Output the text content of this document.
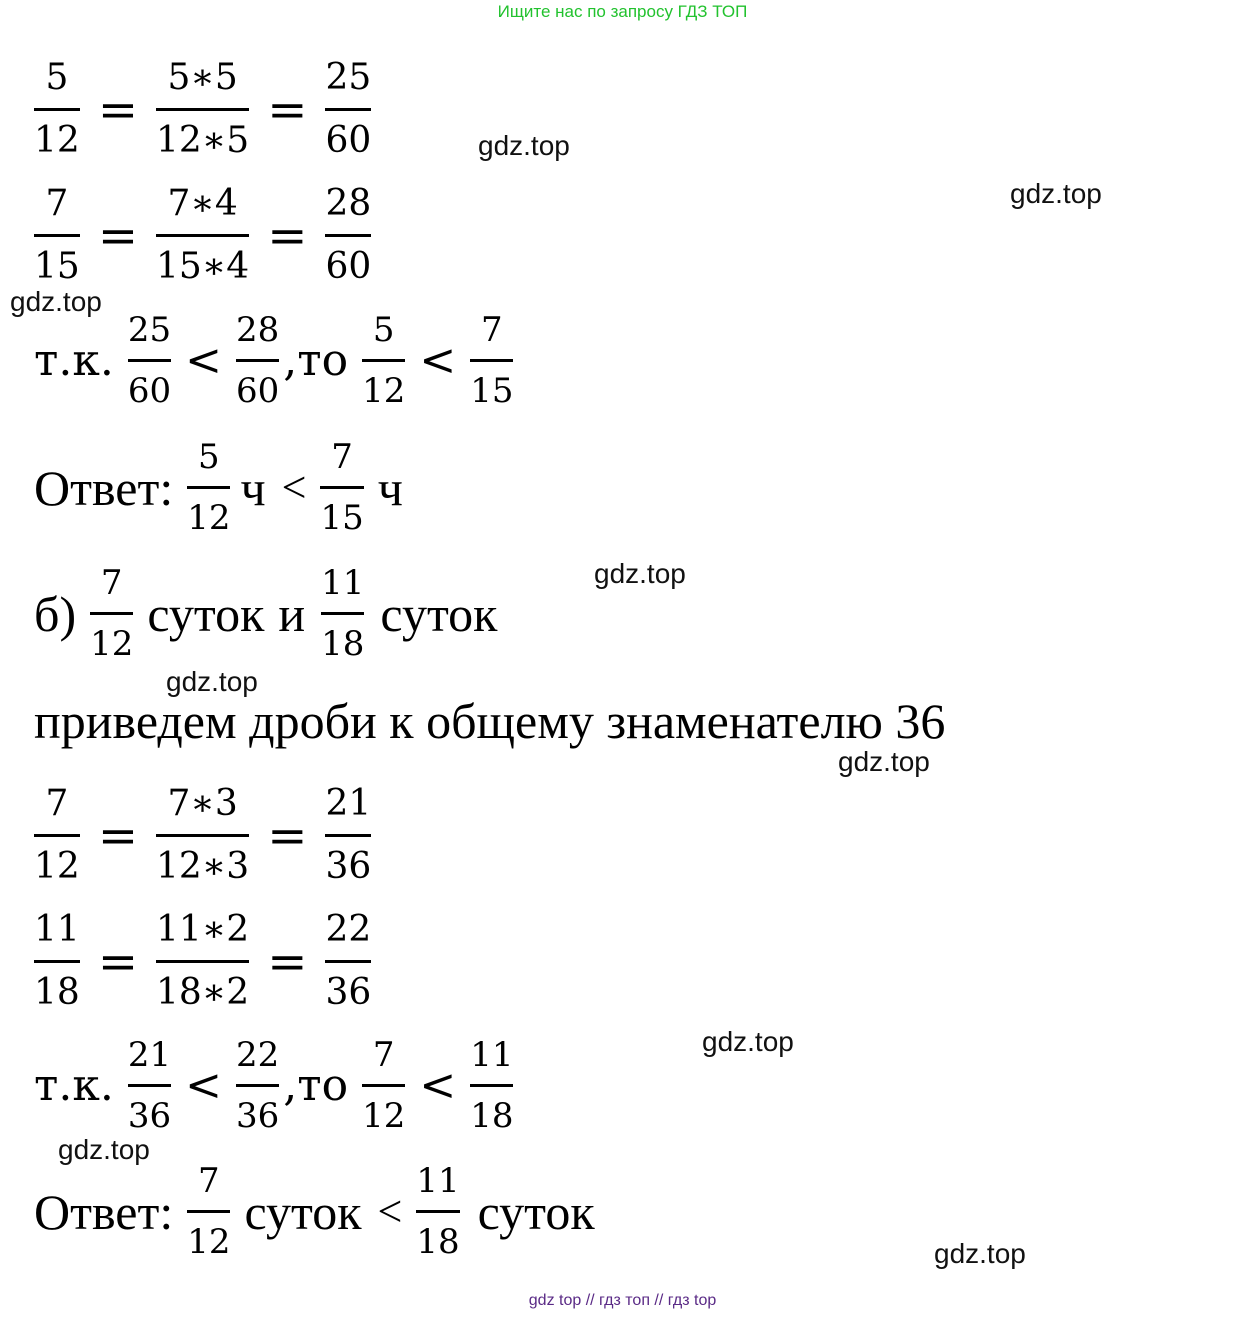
Ищите нас по запросу ГДЗ ТОП
gdz.top
gdz.top
gdz.top
gdz.top
gdz.top
gdz.top
gdz.top
gdz.top
gdz.top
$\frac{5}{12} = \frac{5∗5}{12∗5} = \frac{25}{60}$
$\frac{7}{15} = \frac{7∗4}{15∗4} = \frac{28}{60}$
т.к. $\frac{25}{60} < \frac{28}{60}$ , то $\frac{5}{12} < \frac{7}{15}$
Ответ: $\frac{5}{12}$ $ч < \frac{7}{15}$ ч
$б) \frac{7}{12}$ суток и $\frac{11}{18}$ суток
приведем дроби к общему знаменателю 36
$\frac{7}{12} = \frac{7∗3}{12∗3} = \frac{21}{36}$
$\frac{11}{18} = \frac{11∗2}{18∗2} = \frac{22}{36}$
т.к. $\frac{21}{36} < \frac{22}{36}$ , то $\frac{7}{12} < \frac{11}{18}$
Ответ: $\frac{7}{12}$ суток < $\frac{11}{18}$ суток
gdz top // гдз топ // гдз top
